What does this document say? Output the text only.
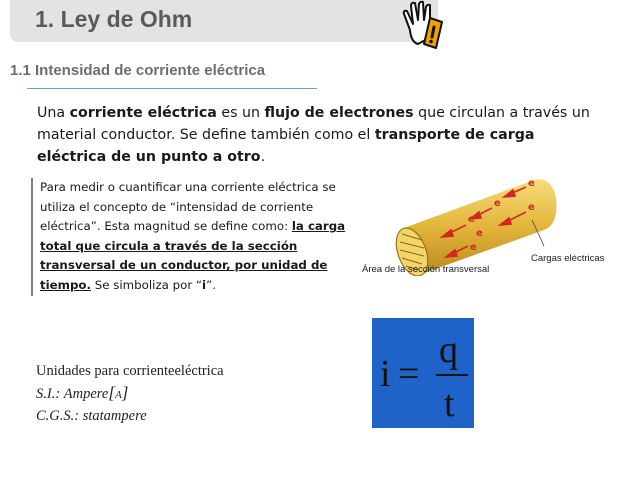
1. Ley de Ohm
1.1 Intensidad de corriente eléctrica
Una corriente eléctrica es un flujo de electrones que circulan a través un material conductor. Se define también como el transporte de carga eléctrica de un punto a otro.
Para medir o cuantificar una corriente eléctrica se utiliza el concepto de “intensidad de corriente eléctrica”. Esta magnitud se define como: la carga total que circula a través de la sección transversal de un conductor, por unidad de tiempo. Se simboliza por “i”.
e
e
e
e
e
e
Área de la sección transversal
Cargas eléctricas
Unidades para corrienteeléctrica
S.I.: Ampere[A]
C.G.S.: statampere
i =
q
t
